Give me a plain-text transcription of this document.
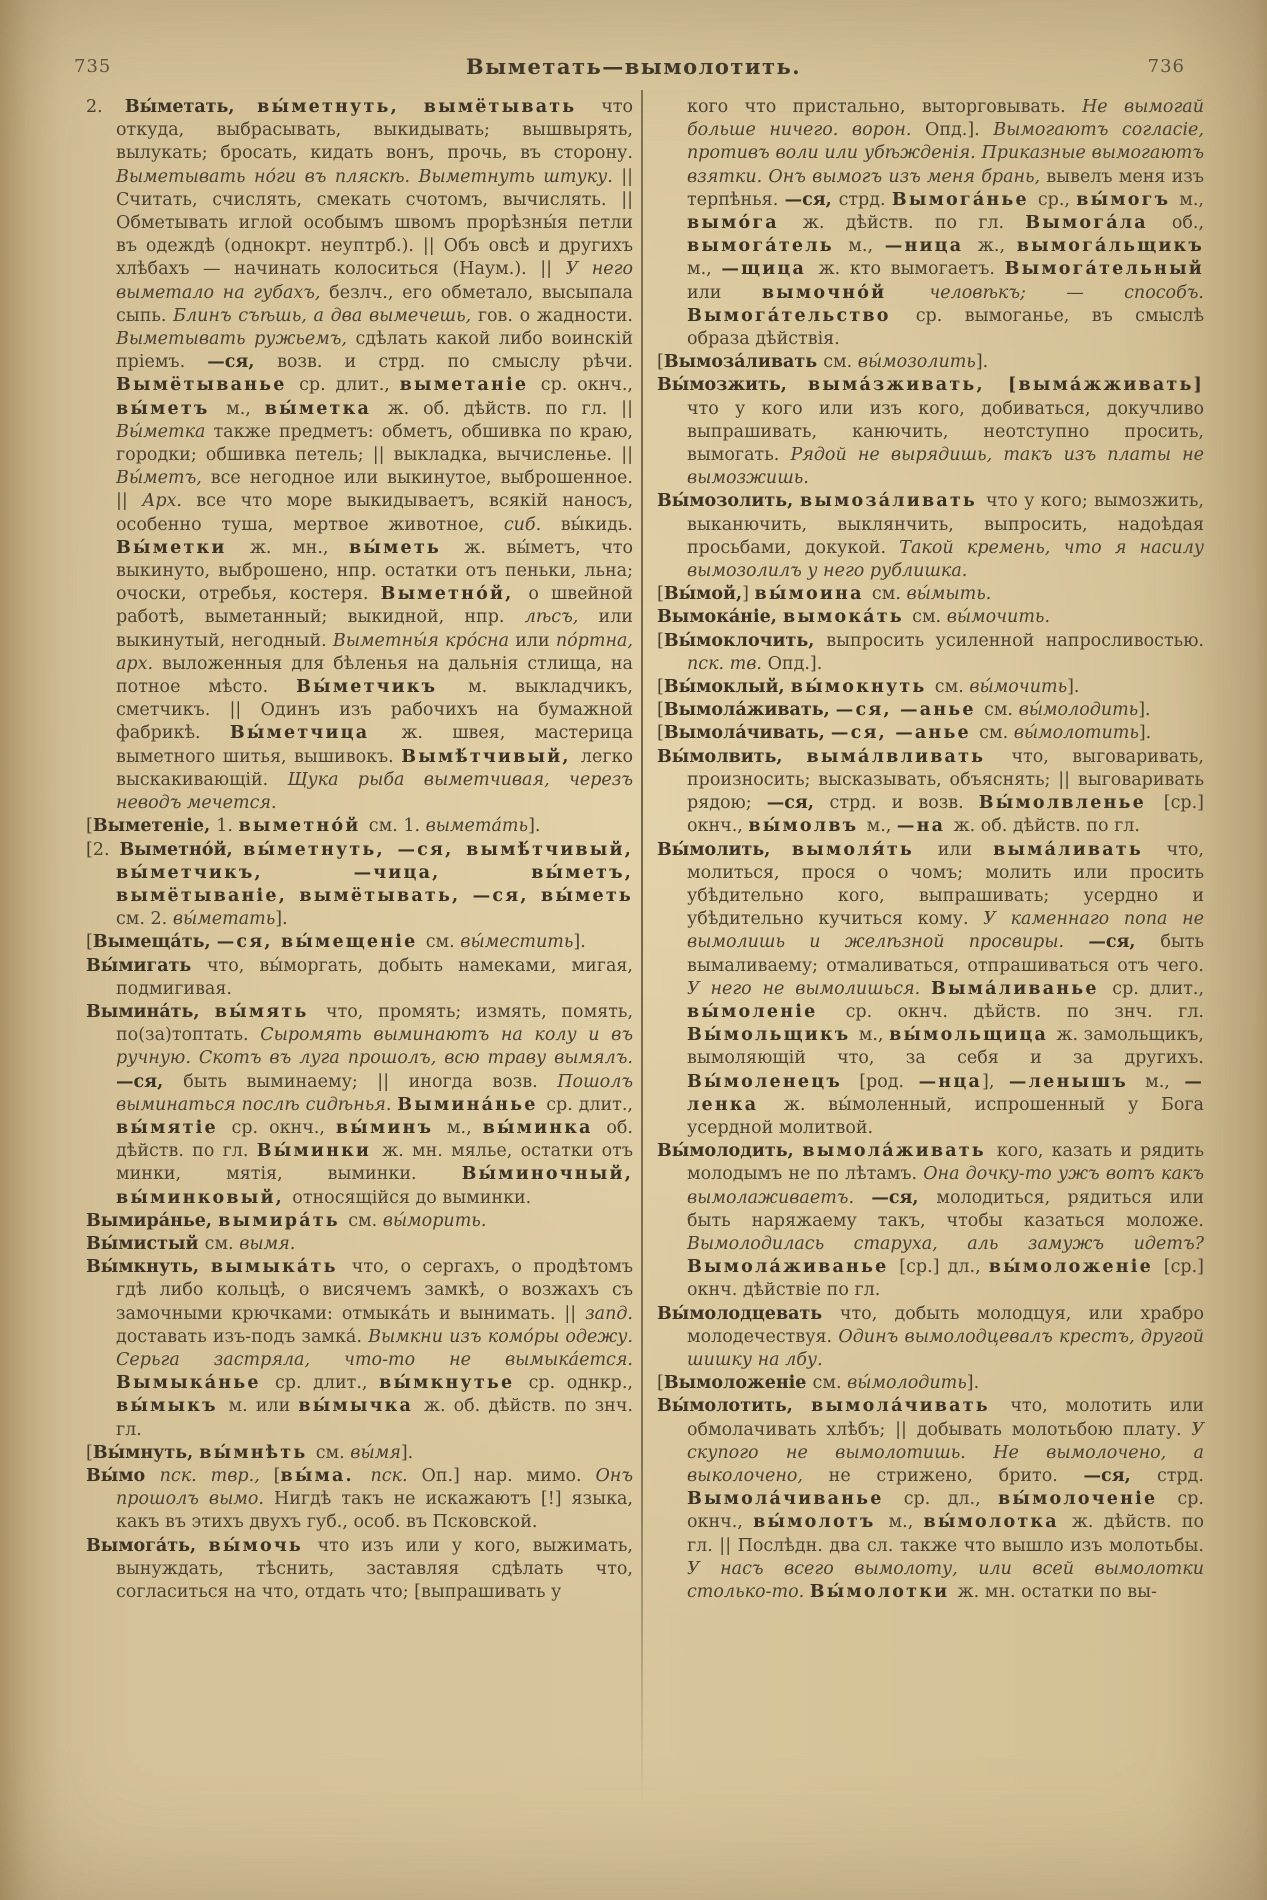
735	Выметать—вымолотить.	736

2. Вы́метать, вы́метнуть, вымётывать что откуда, выбрасывать, выкидывать; вышвырять, вылукать; бросать, кидать вонъ, прочь, въ сторону. Выметывать но́ги въ пляскѣ. Выметнуть штуку. || Считать, счислять, смекать счотомъ, вычислять. || Обметывать иглой особымъ швомъ прорѣзны́я петли въ одеждѣ (однокрт. неуптрб.). || Объ овсѣ и другихъ хлѣбахъ — начинать колоситься (Наум.). || У него выметало на губахъ, безлч., его обметало, высыпала сыпь. Блинъ съѣшь, а два вымечешь, гов. о жадности. Выметывать ружьемъ, сдѣлать какой либо воинскій пріемъ. —ся, возв. и стрд. по смыслу рѣчи. Вымётыванье ср. длит., выметаніе ср. окнч., вы́метъ м., вы́метка ж. об. дѣйств. по гл. || Вы́метка также предметъ: обметъ, обшивка по краю, городки; обшивка петель; || выкладка, вычисленье. || Вы́метъ, все негодное или выкинутое, выброшенное. || Арх. все что море выкидываетъ, всякій наносъ, особенно туша, мертвое животное, сиб. вы́кидь. Вы́метки ж. мн., вы́меть ж. вы́метъ, что выкинуто, выброшено, нпр. остатки отъ пеньки, льна; очоски, отребья, костеря. Выметно́й, о швейной работѣ, выметанный; выкидной, нпр. лѣсъ, или выкинутый, негодный. Выметны́я кро́сна или по́ртна, арх. выложенныя для бѣленья на дальнія стлища, на потное мѣсто. Вы́метчикъ м. выкладчикъ, сметчикъ. || Одинъ изъ рабочихъ на бумажной фабрикѣ. Вы́метчица ж. швея, мастерица выметного шитья, вышивокъ. Вымѣ́тчивый, легко выскакивающій. Щука рыба выметчивая, черезъ неводъ мечется.

[Выметеніе, 1. выметно́й см. 1. вымета́ть].

[2. Выметно́й, вы́метнуть, —ся, вымѣ́тчивый, вы́метчикъ, —чица, вы́метъ, вымётываніе, вымётывать, —ся, вы́меть см. 2. вы́метать].

[Вымеща́ть, —ся, вы́мещеніе см. вы́местить].

Вы́мигать что, вы́моргать, добыть намеками, мигая, подмигивая.

Вымина́ть, вы́мять что, промять; измять, помять, по(за)топтать. Сыромять выминаютъ на колу и въ ручную. Скотъ въ луга прошолъ, всю траву вымялъ. —ся, быть выминаему; || иногда возв. Пошолъ выминаться послѣ сидѣнья. Вымина́нье ср. длит., вы́мятіе ср. окнч., вы́минъ м., вы́минка об. дѣйств. по гл. Вы́минки ж. мн. мялье, остатки отъ минки, мятія, выминки. Вы́миночный, вы́минковый, относящійся до выминки.

Вымира́нье, вымира́ть см. вы́морить.

Вы́мистый см. вымя.

Вы́мкнуть, вымыка́ть что, о сергахъ, о продѣтомъ гдѣ либо кольцѣ, о висячемъ замкѣ, о возжахъ съ замочными крючками: отмыка́ть и вынимать. || запд. доставать изъ-подъ замка́. Вымкни изъ комо́ры одежу. Серьга застряла, что-то не вымыка́ется. Вымыка́нье ср. длит., вы́мкнутье ср. однкр., вы́мыкъ м. или вы́мычка ж. об. дѣйств. по знч. гл.

[Вы́мнуть, вы́мнѣть см. вы́мя].

Вы́мо пск. твр., [вы́ма. пск. Оп.] нар. мимо. Онъ прошолъ вымо. Нигдѣ такъ не искажаютъ [!] языка, какъ въ этихъ двухъ губ., особ. въ Псковской.

Вымога́ть, вы́мочь что изъ или у кого, выжимать, вынуждать, тѣснить, заставляя сдѣлать что, согласиться на что, отдать что; [выпрашивать у

кого что пристально, выторговывать. Не вымогай больше ничего. ворон. Опд.]. Вымогаютъ согласіе, противъ воли или убѣжденія. Приказные вымогаютъ взятки. Онъ вымогъ изъ меня брань, вывелъ меня изъ терпѣнья. —ся, стрд. Вымога́нье ср., вы́могъ м., вымо́га ж. дѣйств. по гл. Вымога́ла об., вымога́тель м., —ница ж., вымога́льщикъ м., —щица ж. кто вымогаетъ. Вымога́тельный или вымочно́й человѣкъ; — способъ. Вымога́тельство ср. вымоганье, въ смыслѣ образа дѣйствія.

[Вымоза́ливать см. вы́мозолить].

Вы́мозжить, выма́зживать, [выма́жживать] что у кого или изъ кого, добиваться, докучливо выпрашивать, канючить, неотступно просить, вымогать. Рядой не вырядишь, такъ изъ платы не вымозжишь.

Вы́мозолить, вымоза́ливать что у кого; вымозжить, выканючить, выклянчить, выпросить, надоѣдая просьбами, докукой. Такой кремень, что я насилу вымозолилъ у него рублишка.

[Вы́мой,] вы́моина см. вы́мыть.

Вымока́ніе, вымока́ть см. вы́мочить.

[Вы́моклочить, выпросить усиленной напросливостью. пск. тв. Опд.].

[Вы́моклый, вы́мокнуть см. вы́мочить].

[Вымола́живать, —ся, —анье см. вы́молодить].

[Вымола́чивать, —ся, —анье см. вы́молотить].

Вы́молвить, выма́лвливать что, выговаривать, произносить; высказывать, объяснять; || выговаривать рядою; —ся, стрд. и возв. Вы́молвленье [ср.] окнч., вы́молвъ м., —на ж. об. дѣйств. по гл.

Вы́молить, вымоля́ть или выма́ливать что, молиться, прося о чомъ; молить или просить убѣдительно кого, выпрашивать; усердно и убѣдительно кучиться кому. У каменнаго попа не вымолишь и желѣзной просвиры. —ся, быть вымаливаему; отмаливаться, отпрашиваться отъ чего. У него не вымолишься. Выма́ливанье ср. длит., вы́моленіе ср. окнч. дѣйств. по знч. гл. Вы́мольщикъ м., вы́мольщица ж. замольщикъ, вымоляющій что, за себя и за другихъ. Вы́моленецъ [род. —нца], —ленышъ м., —ленка ж. вы́моленный, испрошенный у Бога усердной молитвой.

Вы́молодить, вымола́живать кого, казать и рядить молодымъ не по лѣтамъ. Она дочку-то ужъ вотъ какъ вымолаживаетъ. —ся, молодиться, рядиться или быть наряжаему такъ, чтобы казаться моложе. Вымолодилась старуха, аль замужъ идетъ? Вымола́живанье [ср.] дл., вы́моложеніе [ср.] окнч. дѣйствіе по гл.

Вы́молодцевать что, добыть молодцуя, или храбро молодечествуя. Одинъ вымолодцевалъ крестъ, другой шишку на лбу.

[Вымоложеніе см. вы́молодить].

Вы́молотить, вымола́чивать что, молотить или обмолачивать хлѣбъ; || добывать молотьбою плату. У скупого не вымолотишь. Не вымолочено, а выколочено, не стрижено, брито. —ся, стрд. Вымола́чиванье ср. дл., вы́молоченіе ср. окнч., вы́молотъ м., вы́молотка ж. дѣйств. по гл. || Послѣдн. два сл. также что вышло изъ молотьбы. У насъ всего вымолоту, или всей вымолотки столько-то. Вы́молотки ж. мн. остатки по вы-
